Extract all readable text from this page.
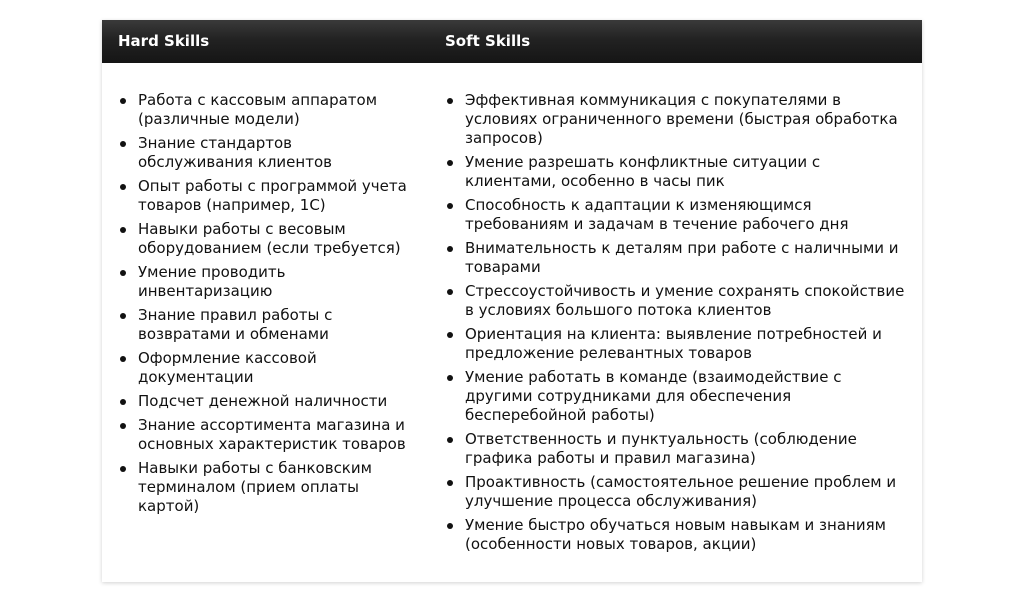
Hard Skills	Soft Skills
Работа с кассовым аппаратом (различные модели)
Знание стандартов обслуживания клиентов
Опыт работы с программой учета товаров (например, 1С)
Навыки работы с весовым оборудованием (если требуется)
Умение проводить инвентаризацию
Знание правил работы с возвратами и обменами
Оформление кассовой документации
Подсчет денежной наличности
Знание ассортимента магазина и основных характеристик товаров
Навыки работы с банковским терминалом (прием оплаты картой)
Эффективная коммуникация с покупателями в условиях ограниченного времени (быстрая обработка запросов)
Умение разрешать конфликтные ситуации с клиентами, особенно в часы пик
Способность к адаптации к изменяющимся требованиям и задачам в течение рабочего дня
Внимательность к деталям при работе с наличными и товарами
Стрессоустойчивость и умение сохранять спокойствие в условиях большого потока клиентов
Ориентация на клиента: выявление потребностей и предложение релевантных товаров
Умение работать в команде (взаимодействие с другими сотрудниками для обеспечения бесперебойной работы)
Ответственность и пунктуальность (соблюдение графика работы и правил магазина)
Проактивность (самостоятельное решение проблем и улучшение процесса обслуживания)
Умение быстро обучаться новым навыкам и знаниям (особенности новых товаров, акции)
